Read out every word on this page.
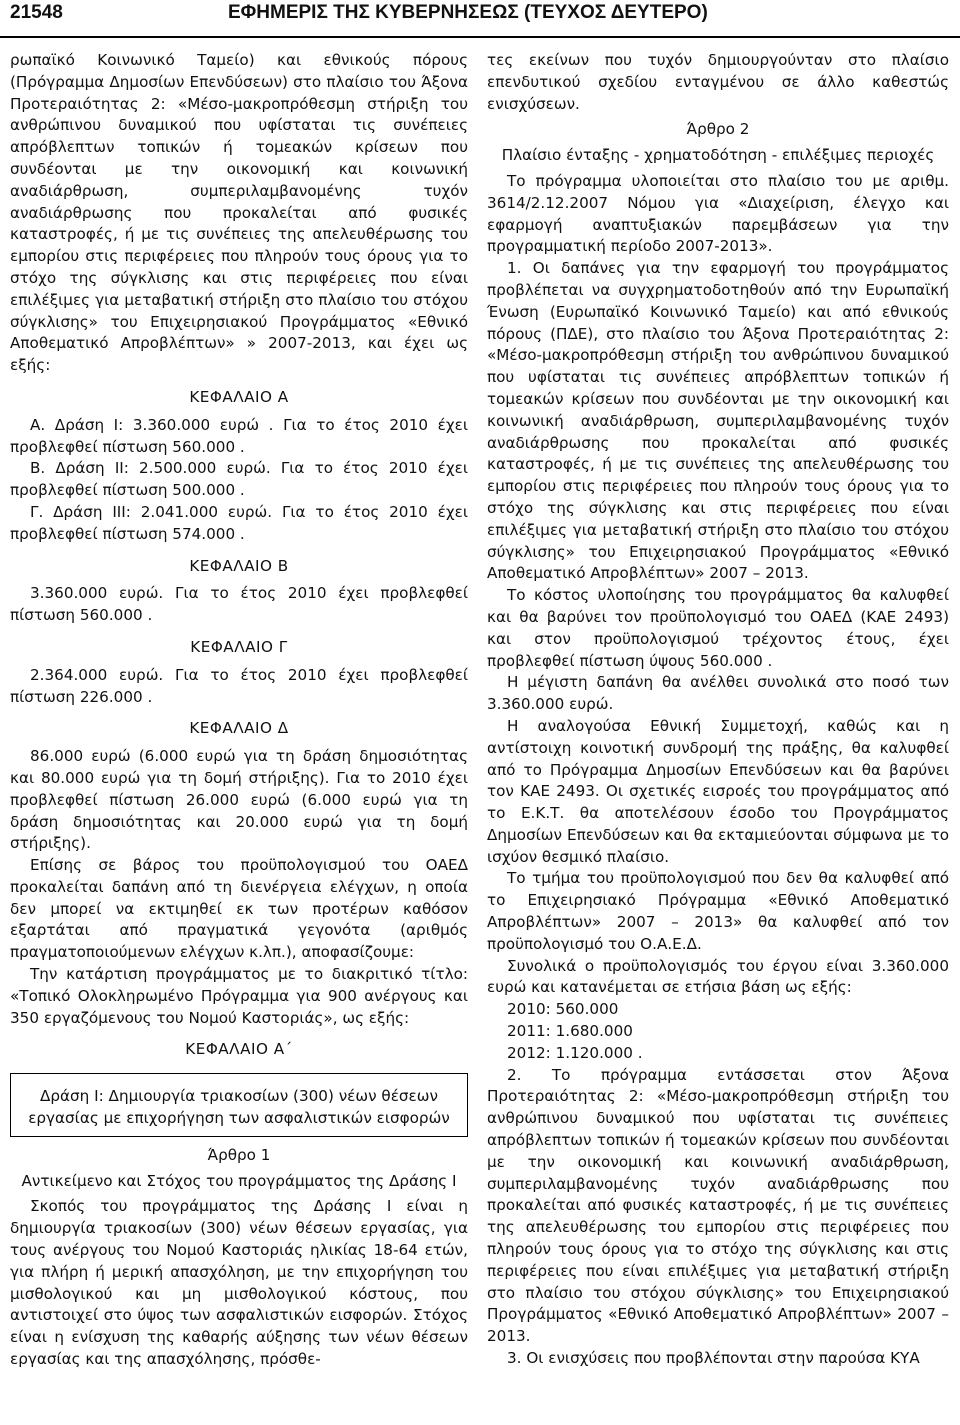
21548	ΕΦΗΜΕΡΙΣ ΤΗΣ ΚΥΒΕΡΝΗΣΕΩΣ (ΤΕΥΧΟΣ ΔΕΥΤΕΡΟ)

ρωπαϊκό Κοινωνικό Ταμείο) και εθνικούς πόρους (Πρόγραμμα Δημοσίων Επενδύσεων) στο πλαίσιο του Άξονα Προτεραιότητας 2: «Μέσο-μακροπρόθεσμη στήριξη του ανθρώπινου δυναμικού που υφίσταται τις συνέπειες απρόβλεπτων τοπικών ή τομεακών κρίσεων που συνδέονται με την οικονομική και κοινωνική αναδιάρθρωση, συμπεριλαμβανομένης τυχόν αναδιάρθρωσης που προκαλείται από φυσικές καταστροφές, ή με τις συνέπειες της απελευθέρωσης του εμπορίου στις περιφέρειες που πληρούν τους όρους για το στόχο της σύγκλισης και στις περιφέρειες που είναι επιλέξιμες για μεταβατική στήριξη στο πλαίσιο του στόχου σύγκλισης» του Επιχειρησιακού Προγράμματος «Εθνικό Αποθεματικό Απροβλέπτων» » 2007-2013, και έχει ως εξής:

ΚΕΦΑΛΑΙΟ Α

Α. Δράση Ι: 3.360.000 ευρώ . Για το έτος 2010 έχει προβλεφθεί πίστωση 560.000 .

Β. Δράση ΙΙ: 2.500.000 ευρώ. Για το έτος 2010 έχει προβλεφθεί πίστωση 500.000 .

Γ. Δράση ΙΙΙ: 2.041.000 ευρώ. Για το έτος 2010 έχει προβλεφθεί πίστωση 574.000 .

ΚΕΦΑΛΑΙΟ Β

3.360.000 ευρώ. Για το έτος 2010 έχει προβλεφθεί πίστωση 560.000 .

ΚΕΦΑΛΑΙΟ Γ

2.364.000 ευρώ. Για το έτος 2010 έχει προβλεφθεί πίστωση 226.000 .

ΚΕΦΑΛΑΙΟ Δ

86.000 ευρώ (6.000 ευρώ για τη δράση δημοσιότητας και 80.000 ευρώ για τη δομή στήριξης). Για το 2010 έχει προβλεφθεί πίστωση 26.000 ευρώ (6.000 ευρώ για τη δράση δημοσιότητας και 20.000 ευρώ για τη δομή στήριξης).

Επίσης σε βάρος του προϋπολογισμού του ΟΑΕΔ προκαλείται δαπάνη από τη διενέργεια ελέγχων, η οποία δεν μπορεί να εκτιμηθεί εκ των προτέρων καθόσον εξαρτάται από πραγματικά γεγονότα (αριθμός πραγματοποιούμενων ελέγχων κ.λπ.), αποφασίζουμε:

Την κατάρτιση προγράμματος με το διακριτικό τίτλο: «Τοπικό Ολοκληρωμένο Πρόγραμμα για 900 ανέργους και 350 εργαζόμενους του Νομού Καστοριάς», ως εξής:

ΚΕΦΑΛΑΙΟ Α΄

Δράση Ι: Δημιουργία τριακοσίων (300) νέων θέσεων εργασίας με επιχορήγηση των ασφαλιστικών εισφορών

Άρθρο 1

Αντικείμενο και Στόχος του προγράμματος της Δράσης Ι

Σκοπός του προγράμματος της Δράσης Ι είναι η δημιουργία τριακοσίων (300) νέων θέσεων εργασίας, για τους ανέργους του Νομού Καστοριάς ηλικίας 18-64 ετών, για πλήρη ή μερική απασχόληση, με την επιχορήγηση του μισθολογικού και μη μισθολογικού κόστους, που αντιστοιχεί στο ύψος των ασφαλιστικών εισφορών. Στόχος είναι η ενίσχυση της καθαρής αύξησης των νέων θέσεων εργασίας και της απασχόλησης, πρόσθε-

τες εκείνων που τυχόν δημιουργούνταν στο πλαίσιο επενδυτικού σχεδίου ενταγμένου σε άλλο καθεστώς ενισχύσεων.

Άρθρο 2

Πλαίσιο ένταξης - χρηματοδότηση - επιλέξιμες περιοχές

Το πρόγραμμα υλοποιείται στο πλαίσιο του με αριθμ. 3614/2.12.2007 Νόμου για «Διαχείριση, έλεγχο και εφαρμογή αναπτυξιακών παρεμβάσεων για την προγραμματική περίοδο 2007-2013».

1. Οι δαπάνες για την εφαρμογή του προγράμματος προβλέπεται να συγχρηματοδοτηθούν από την Ευρωπαϊκή Ένωση (Ευρωπαϊκό Κοινωνικό Ταμείο) και από εθνικούς πόρους (ΠΔΕ), στο πλαίσιο του Άξονα Προτεραιότητας 2: «Μέσο-μακροπρόθεσμη στήριξη του ανθρώπινου δυναμικού που υφίσταται τις συνέπειες απρόβλεπτων τοπικών ή τομεακών κρίσεων που συνδέονται με την οικονομική και κοινωνική αναδιάρθρωση, συμπεριλαμβανομένης τυχόν αναδιάρθρωσης που προκαλείται από φυσικές καταστροφές, ή με τις συνέπειες της απελευθέρωσης του εμπορίου στις περιφέρειες που πληρούν τους όρους για το στόχο της σύγκλισης και στις περιφέρειες που είναι επιλέξιμες για μεταβατική στήριξη στο πλαίσιο του στόχου σύγκλισης» του Επιχειρησιακού Προγράμματος «Εθνικό Αποθεματικό Απροβλέπτων» 2007 – 2013.

Το κόστος υλοποίησης του προγράμματος θα καλυφθεί και θα βαρύνει τον προϋπολογισμό του ΟΑΕΔ (ΚΑΕ 2493) και στον προϋπολογισμού τρέχοντος έτους, έχει προβλεφθεί πίστωση ύψους 560.000 .

Η μέγιστη δαπάνη θα ανέλθει συνολικά στο ποσό των 3.360.000 ευρώ.

Η αναλογούσα Εθνική Συμμετοχή, καθώς και η αντίστοιχη κοινοτική συνδρομή της πράξης, θα καλυφθεί από το Πρόγραμμα Δημοσίων Επενδύσεων και θα βαρύνει τον ΚΑΕ 2493. Οι σχετικές εισροές του προγράμματος από το Ε.Κ.Τ. θα αποτελέσουν έσοδο του Προγράμματος Δημοσίων Επενδύσεων και θα εκταμιεύονται σύμφωνα με το ισχύον θεσμικό πλαίσιο.

Το τμήμα του προϋπολογισμού που δεν θα καλυφθεί από το Επιχειρησιακό Πρόγραμμα «Εθνικό Αποθεματικό Απροβλέπτων» 2007 – 2013» θα καλυφθεί από τον προϋπολογισμό του Ο.Α.Ε.Δ.

Συνολικά ο προϋπολογισμός του έργου είναι 3.360.000 ευρώ και κατανέμεται σε ετήσια βάση ως εξής:

2010: 560.000

2011: 1.680.000

2012: 1.120.000 .

2. Το πρόγραμμα εντάσσεται στον Άξονα Προτεραιότητας 2: «Μέσο-μακροπρόθεσμη στήριξη του ανθρώπινου δυναμικού που υφίσταται τις συνέπειες απρόβλεπτων τοπικών ή τομεακών κρίσεων που συνδέονται με την οικονομική και κοινωνική αναδιάρθρωση, συμπεριλαμβανομένης τυχόν αναδιάρθρωσης που προκαλείται από φυσικές καταστροφές, ή με τις συνέπειες της απελευθέρωσης του εμπορίου στις περιφέρειες που πληρούν τους όρους για το στόχο της σύγκλισης και στις περιφέρειες που είναι επιλέξιμες για μεταβατική στήριξη στο πλαίσιο του στόχου σύγκλισης» του Επιχειρησιακού Προγράμματος «Εθνικό Αποθεματικό Απροβλέπτων» 2007 – 2013.

3. Οι ενισχύσεις που προβλέπονται στην παρούσα ΚΥΑ
